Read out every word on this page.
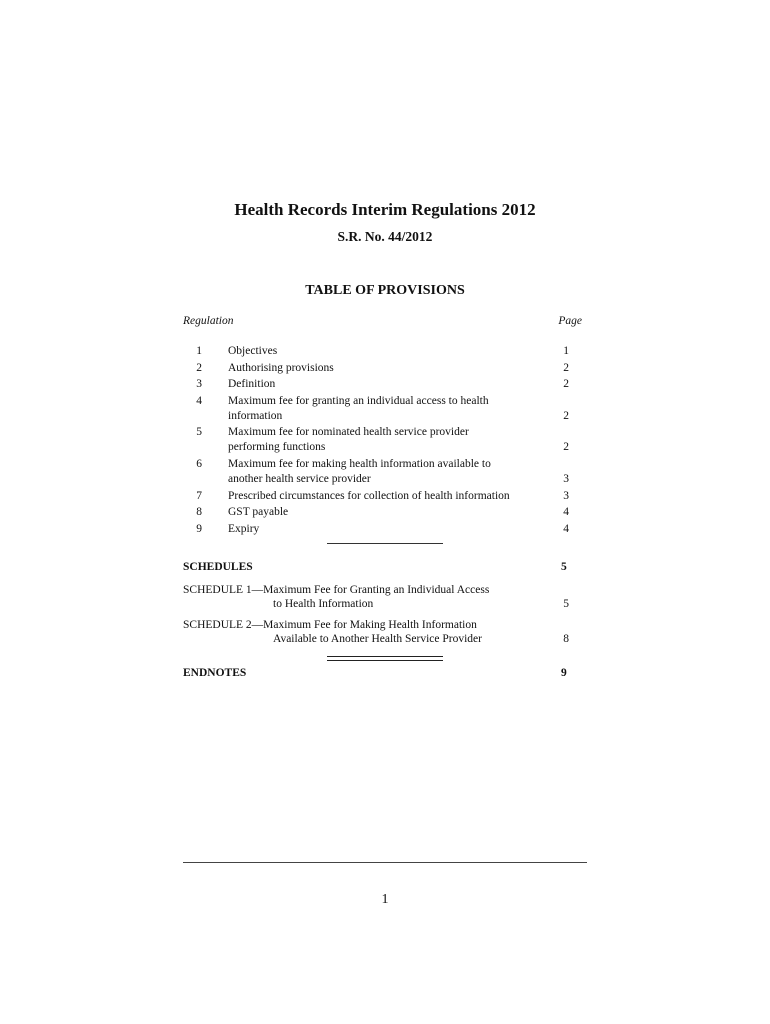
Health Records Interim Regulations 2012
S.R. No. 44/2012
TABLE OF PROVISIONS
Regulation	Page
1 Objectives	1
2 Authorising provisions	2
3 Definition	2
4 Maximum fee for granting an individual access to health
information	2
5 Maximum fee for nominated health service provider
performing functions	2
6 Maximum fee for making health information available to
another health service provider	3
7 Prescribed circumstances for collection of health information	3
8 GST payable	4
9 Expiry	4
SCHEDULES	5
SCHEDULE 1—Maximum Fee for Granting an Individual Access
to Health Information	5
SCHEDULE 2—Maximum Fee for Making Health Information
Available to Another Health Service Provider	8
ENDNOTES	9
1
